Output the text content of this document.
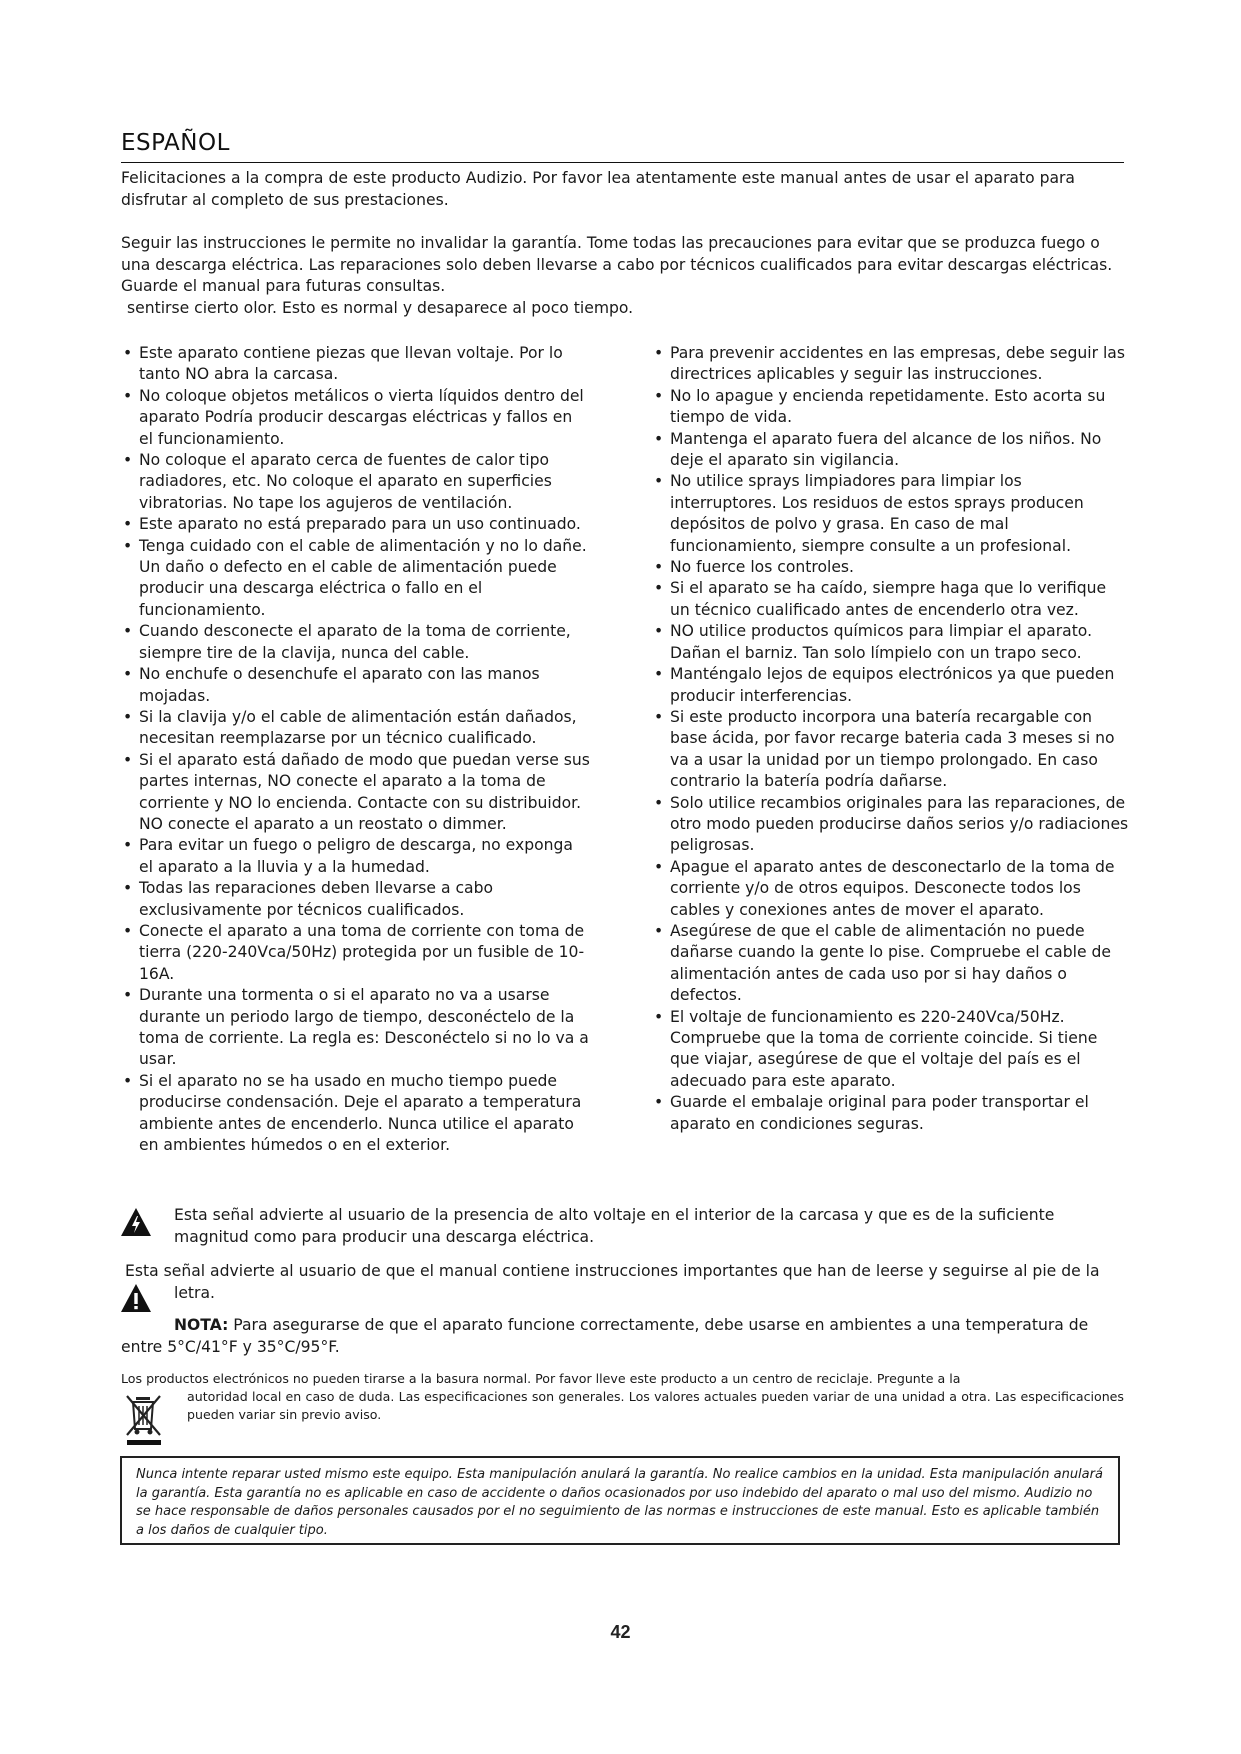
ESPAÑOL

Felicitaciones a la compra de este producto Audizio. Por favor lea atentamente este manual antes de usar el aparato para disfrutar al completo de sus prestaciones.

Seguir las instrucciones le permite no invalidar la garantía. Tome todas las precauciones para evitar que se produzca fuego o una descarga eléctrica. Las reparaciones solo deben llevarse a cabo por técnicos cualificados para evitar descargas eléctricas. Guarde el manual para futuras consultas.

sentirse cierto olor. Esto es normal y desaparece al poco tiempo.

• Este aparato contiene piezas que llevan voltaje. Por lo tanto NO abra la carcasa.
• No coloque objetos metálicos o vierta líquidos dentro del aparato Podría producir descargas eléctricas y fallos en el funcionamiento.
• No coloque el aparato cerca de fuentes de calor tipo radiadores, etc. No coloque el aparato en superficies vibratorias. No tape los agujeros de ventilación.
• Este aparato no está preparado para un uso continuado.
• Tenga cuidado con el cable de alimentación y no lo dañe. Un daño o defecto en el cable de alimentación puede producir una descarga eléctrica o fallo en el funcionamiento.
• Cuando desconecte el aparato de la toma de corriente, siempre tire de la clavija, nunca del cable.
• No enchufe o desenchufe el aparato con las manos mojadas.
• Si la clavija y/o el cable de alimentación están dañados, necesitan reemplazarse por un técnico cualificado.
• Si el aparato está dañado de modo que puedan verse sus partes internas, NO conecte el aparato a la toma de corriente y NO lo encienda. Contacte con su distribuidor. NO conecte el aparato a un reostato o dimmer.
• Para evitar un fuego o peligro de descarga, no exponga el aparato a la lluvia y a la humedad.
• Todas las reparaciones deben llevarse a cabo exclusivamente por técnicos cualificados.
• Conecte el aparato a una toma de corriente con toma de tierra (220-240Vca/50Hz) protegida por un fusible de 10-16A.
• Durante una tormenta o si el aparato no va a usarse durante un periodo largo de tiempo, desconéctelo de la toma de corriente. La regla es: Desconéctelo si no lo va a usar.
• Si el aparato no se ha usado en mucho tiempo puede producirse condensación. Deje el aparato a temperatura ambiente antes de encenderlo. Nunca utilice el aparato en ambientes húmedos o en el exterior.
• Para prevenir accidentes en las empresas, debe seguir las directrices aplicables y seguir las instrucciones.
• No lo apague y encienda repetidamente. Esto acorta su tiempo de vida.
• Mantenga el aparato fuera del alcance de los niños. No deje el aparato sin vigilancia.
• No utilice sprays limpiadores para limpiar los interruptores. Los residuos de estos sprays producen depósitos de polvo y grasa. En caso de mal funcionamiento, siempre consulte a un profesional.
• No fuerce los controles.
• Si el aparato se ha caído, siempre haga que lo verifique un técnico cualificado antes de encenderlo otra vez.
• NO utilice productos químicos para limpiar el aparato. Dañan el barniz. Tan solo límpielo con un trapo seco.
• Manténgalo lejos de equipos electrónicos ya que pueden producir interferencias.
• Si este producto incorpora una batería recargable con base ácida, por favor recarge bateria cada 3 meses si no va a usar la unidad por un tiempo prolongado. En caso contrario la batería podría dañarse.
• Solo utilice recambios originales para las reparaciones, de otro modo pueden producirse daños serios y/o radiaciones peligrosas.
• Apague el aparato antes de desconectarlo de la toma de corriente y/o de otros equipos. Desconecte todos los cables y conexiones antes de mover el aparato.
• Asegúrese de que el cable de alimentación no puede dañarse cuando la gente lo pise. Compruebe el cable de alimentación antes de cada uso por si hay daños o defectos.
• El voltaje de funcionamiento es 220-240Vca/50Hz. Compruebe que la toma de corriente coincide. Si tiene que viajar, asegúrese de que el voltaje del país es el adecuado para este aparato.
• Guarde el embalaje original para poder transportar el aparato en condiciones seguras.

Esta señal advierte al usuario de la presencia de alto voltaje en el interior de la carcasa y que es de la suficiente magnitud como para producir una descarga eléctrica.

Esta señal advierte al usuario de que el manual contiene instrucciones importantes que han de leerse y seguirse al pie de la
letra.

NOTA: Para asegurarse de que el aparato funcione correctamente, debe usarse en ambientes a una temperatura de entre 5°C/41°F y 35°C/95°F.

Los productos electrónicos no pueden tirarse a la basura normal. Por favor lleve este producto a un centro de reciclaje. Pregunte a la
autoridad local en caso de duda. Las especificaciones son generales. Los valores actuales pueden variar de una unidad a otra. Las especificaciones pueden variar sin previo aviso.

Nunca intente reparar usted mismo este equipo. Esta manipulación anulará la garantía. No realice cambios en la unidad. Esta manipulación anulará la garantía. Esta garantía no es aplicable en caso de accidente o daños ocasionados por uso indebido del aparato o mal uso del mismo. Audizio no se hace responsable de daños personales causados por el no seguimiento de las normas e instrucciones de este manual. Esto es aplicable también a los daños de cualquier tipo.

42
